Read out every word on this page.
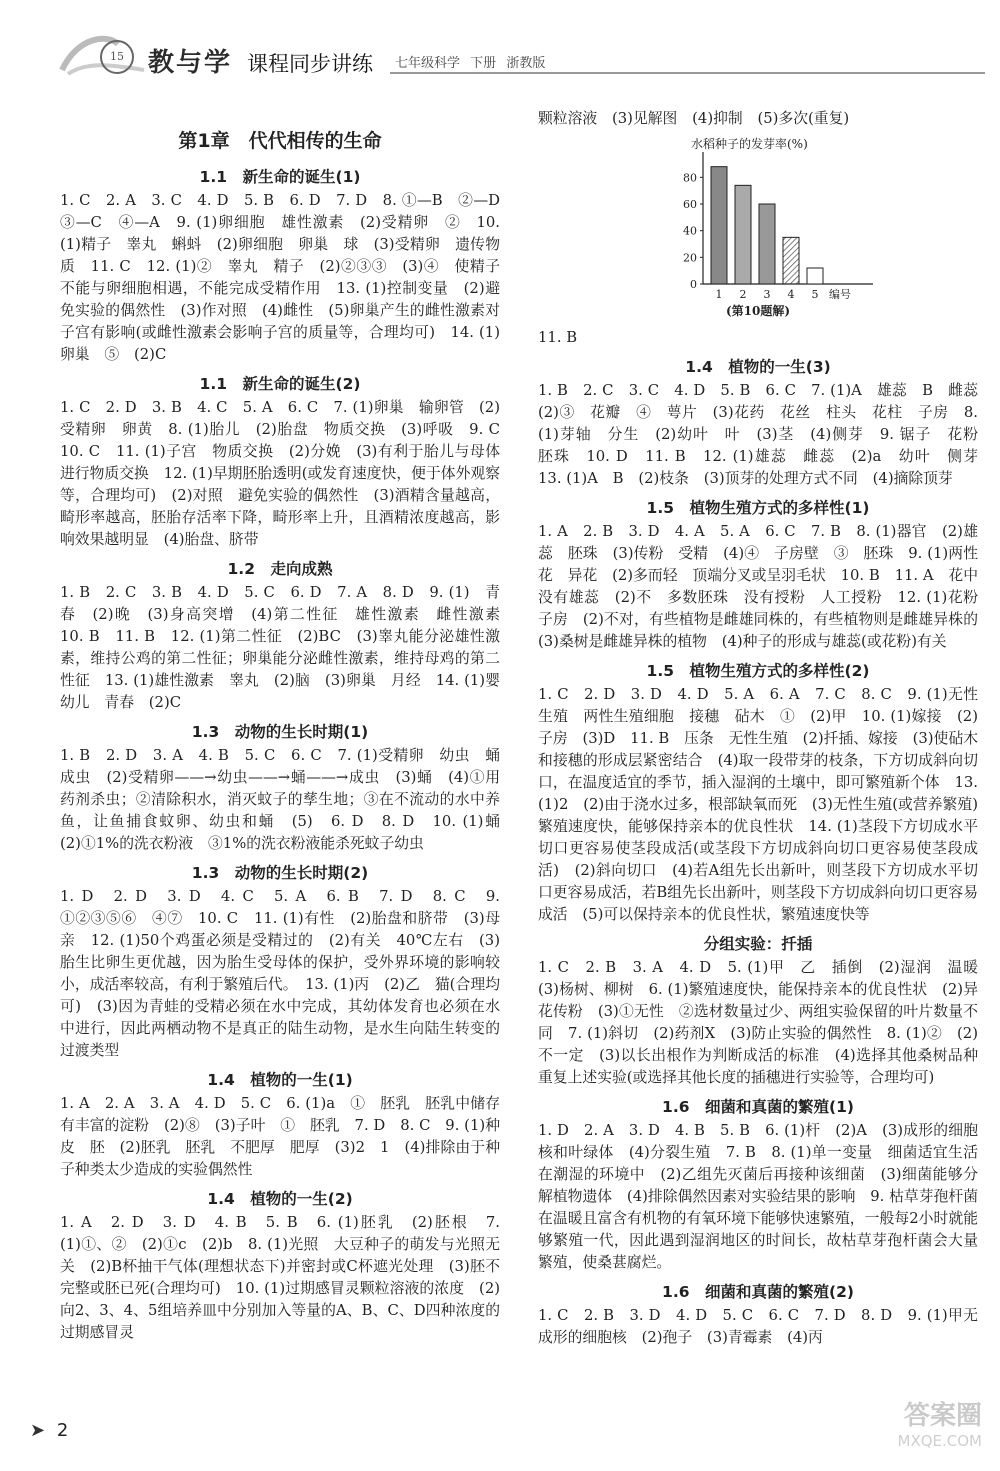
15 教与学 课程同步讲练 七年级科学 下册 浙教版
第1章　代代相传的生命
1.1　新生命的诞生(1)
1. C　2. A　3. C　4. D　5. B　6. D　7. D　8. ①—B　②—D　③—C　④—A　9. (1)卵细胞　雄性激素　(2)受精卵　②　10. (1)精子　睾丸　蝌蚪　(2)卵细胞　卵巢　球　(3)受精卵　遗传物质　11. C　12. (1)②　睾丸　精子　(2)②③③　(3)④　使精子不能与卵细胞相遇，不能完成受精作用　13. (1)控制变量　(2)避免实验的偶然性　(3)作对照　(4)雌性　(5)卵巢产生的雌性激素对子宫有影响(或雌性激素会影响子宫的质量等，合理均可)　14. (1)卵巢　⑤　(2)C
1.1　新生命的诞生(2)
1. C　2. D　3. B　4. C　5. A　6. C　7. (1)卵巢　输卵管　(2)受精卵　卵黄　8. (1)胎儿　(2)胎盘　物质交换　(3)呼吸　9. C　10. C　11. (1)子宫　物质交换　(2)分娩　(3)有利于胎儿与母体进行物质交换　12. (1)早期胚胎透明(或发育速度快，便于体外观察等，合理均可)　(2)对照　避免实验的偶然性　(3)酒精含量越高，畸形率越高，胚胎存活率下降，畸形率上升，且酒精浓度越高，影响效果越明显　(4)胎盘、脐带
1.2　走向成熟
1. B　2. C　3. B　4. D　5. C　6. D　7. A　8. D　9. (1)　青春　(2)晚　(3)身高突增　(4)第二性征　雄性激素　雌性激素　10. B　11. B　12. (1)第二性征　(2)BC　(3)睾丸能分泌雄性激素，维持公鸡的第二性征；卵巢能分泌雌性激素，维持母鸡的第二性征　13. (1)雄性激素　睾丸　(2)脑　(3)卵巢　月经　14. (1)婴幼儿　青春　(2)C
1.3　动物的生长时期(1)
1. B　2. D　3. A　4. B　5. C　6. C　7. (1)受精卵　幼虫　蛹　成虫　(2)受精卵——→幼虫——→蛹——→成虫　(3)蛹　(4)①用药剂杀虫；②清除积水，消灭蚊子的孳生地；③在不流动的水中养鱼，让鱼捕食蚊卵、幼虫和蛹　(5)　6. D　8. D　10. (1)蛹　(2)①1%的洗衣粉液　③1%的洗衣粉液能杀死蚊子幼虫
1.3　动物的生长时期(2)
1. D　2. D　3. D　4. C　5. A　6. B　7. D　8. C　9. ①②③⑤⑥　④⑦　10. C　11. (1)有性　(2)胎盘和脐带　(3)母亲　12. (1)50个鸡蛋必须是受精过的　(2)有关　40℃左右　(3)胎生比卵生更优越，因为胎生受母体的保护，受外界环境的影响较小，成活率较高，有利于繁殖后代。　13. (1)丙　(2)乙　猫(合理均可)　(3)因为青蛙的受精必须在水中完成，其幼体发育也必须在水中进行，因此两栖动物不是真正的陆生动物，是水生向陆生转变的过渡类型
1.4　植物的一生(1)
1. A　2. A　3. A　4. D　5. C　6. (1)a　①　胚乳　胚乳中储存有丰富的淀粉　(2)⑧　(3)子叶　①　胚乳　7. D　8. C　9. (1)种皮　胚　(2)胚乳　胚乳　不肥厚　肥厚　(3)2　1　(4)排除由于种子种类太少造成的实验偶然性
1.4　植物的一生(2)
1. A　2. D　3. D　4. B　5. B　6. (1)胚乳　(2)胚根　7. (1)①、②　(2)①c　(2)b　8. (1)光照　大豆种子的萌发与光照无关　(2)B杯抽干气体(理想状态下)并密封或C杯遮光处理　(3)胚不完整或胚已死(合理均可)　10. (1)过期感冒灵颗粒溶液的浓度　(2)向2、3、4、5组培养皿中分别加入等量的A、B、C、D四种浓度的过期感冒灵
颗粒溶液　(3)见解图　(4)抑制　(5)多次(重复)
水稻种子的发芽率(%)
0
20
40
60
80
1 2 3 4 5 编号
(第10题解)
11. B
1.4　植物的一生(3)
1. B　2. C　3. C　4. D　5. B　6. C　7. (1)A　雄蕊　B　雌蕊　(2)③　花瓣　④　萼片　(3)花药　花丝　柱头　花柱　子房　8. (1)芽轴　分生　(2)幼叶　叶　(3)茎　(4)侧芽　9. 锯子　花粉　胚珠　10. D　11. B　12. (1)雄蕊　雌蕊　(2)a　幼叶　侧芽　13. (1)A　B　(2)枝条　(3)顶芽的处理方式不同　(4)摘除顶芽
1.5　植物生殖方式的多样性(1)
1. A　2. B　3. D　4. A　5. A　6. C　7. B　8. (1)器官　(2)雄蕊　胚珠　(3)传粉　受精　(4)④　子房壁　③　胚珠　9. (1)两性花　异花　(2)多而轻　顶端分叉或呈羽毛状　10. B　11. A　花中没有雄蕊　(2)不　多数胚珠　没有授粉　人工授粉　12. (1)花粉　子房　(2)不对，有些植物是雌雄同株的，有些植物则是雌雄异株的　(3)桑树是雌雄异株的植物　(4)种子的形成与雄蕊(或花粉)有关
1.5　植物生殖方式的多样性(2)
1. C　2. D　3. D　4. D　5. A　6. A　7. C　8. C　9. (1)无性生殖　两性生殖细胞　接穗　砧木　①　(2)甲　10. (1)嫁接　(2)子房　(3)D　11. B　压条　无性生殖　(2)扦插、嫁接　(3)使砧木和接穗的形成层紧密结合　(4)取一段带芽的枝条，下方切成斜向切口，在温度适宜的季节，插入湿润的土壤中，即可繁殖新个体　13. (1)2　(2)由于浇水过多，根部缺氧而死　(3)无性生殖(或营养繁殖)　繁殖速度快，能够保持亲本的优良性状　14. (1)茎段下方切成水平切口更容易使茎段成活(或茎段下方切成斜向切口更容易使茎段成活)　(2)斜向切口　(4)若A组先长出新叶，则茎段下方切成水平切口更容易成活，若B组先长出新叶，则茎段下方切成斜向切口更容易成活　(5)可以保持亲本的优良性状，繁殖速度快等
分组实验：扦插
1. C　2. B　3. A　4. D　5. (1)甲　乙　插倒　(2)湿润　温暖　(3)杨树、柳树　6. (1)繁殖速度快，能保持亲本的优良性状　(2)异花传粉　(3)①无性　②选材数量过少、两组实验保留的叶片数量不同　7. (1)斜切　(2)药剂X　(3)防止实验的偶然性　8. (1)②　(2)不一定　(3)以长出根作为判断成活的标准　(4)选择其他桑树品种重复上述实验(或选择其他长度的插穗进行实验等，合理均可)
1.6　细菌和真菌的繁殖(1)
1. D　2. A　3. D　4. B　5. B　6. (1)杆　(2)A　(3)成形的细胞核和叶绿体　(4)分裂生殖　7. B　8. (1)单一变量　细菌适宜生活在潮湿的环境中　(2)乙组先灭菌后再接种该细菌　(3)细菌能够分解植物遗体　(4)排除偶然因素对实验结果的影响　9. 枯草芽孢杆菌在温暖且富含有机物的有氧环境下能够快速繁殖，一般每2小时就能够繁殖一代，因此遇到湿润地区的时间长，故枯草芽孢杆菌会大量繁殖，使桑葚腐烂。
1.6　细菌和真菌的繁殖(2)
1. C　2. B　3. D　4. D　5. C　6. C　7. D　8. D　9. (1)甲无成形的细胞核　(2)孢子　(3)青霉素　(4)丙
➤ 2	答案圈
MXQE.COM
